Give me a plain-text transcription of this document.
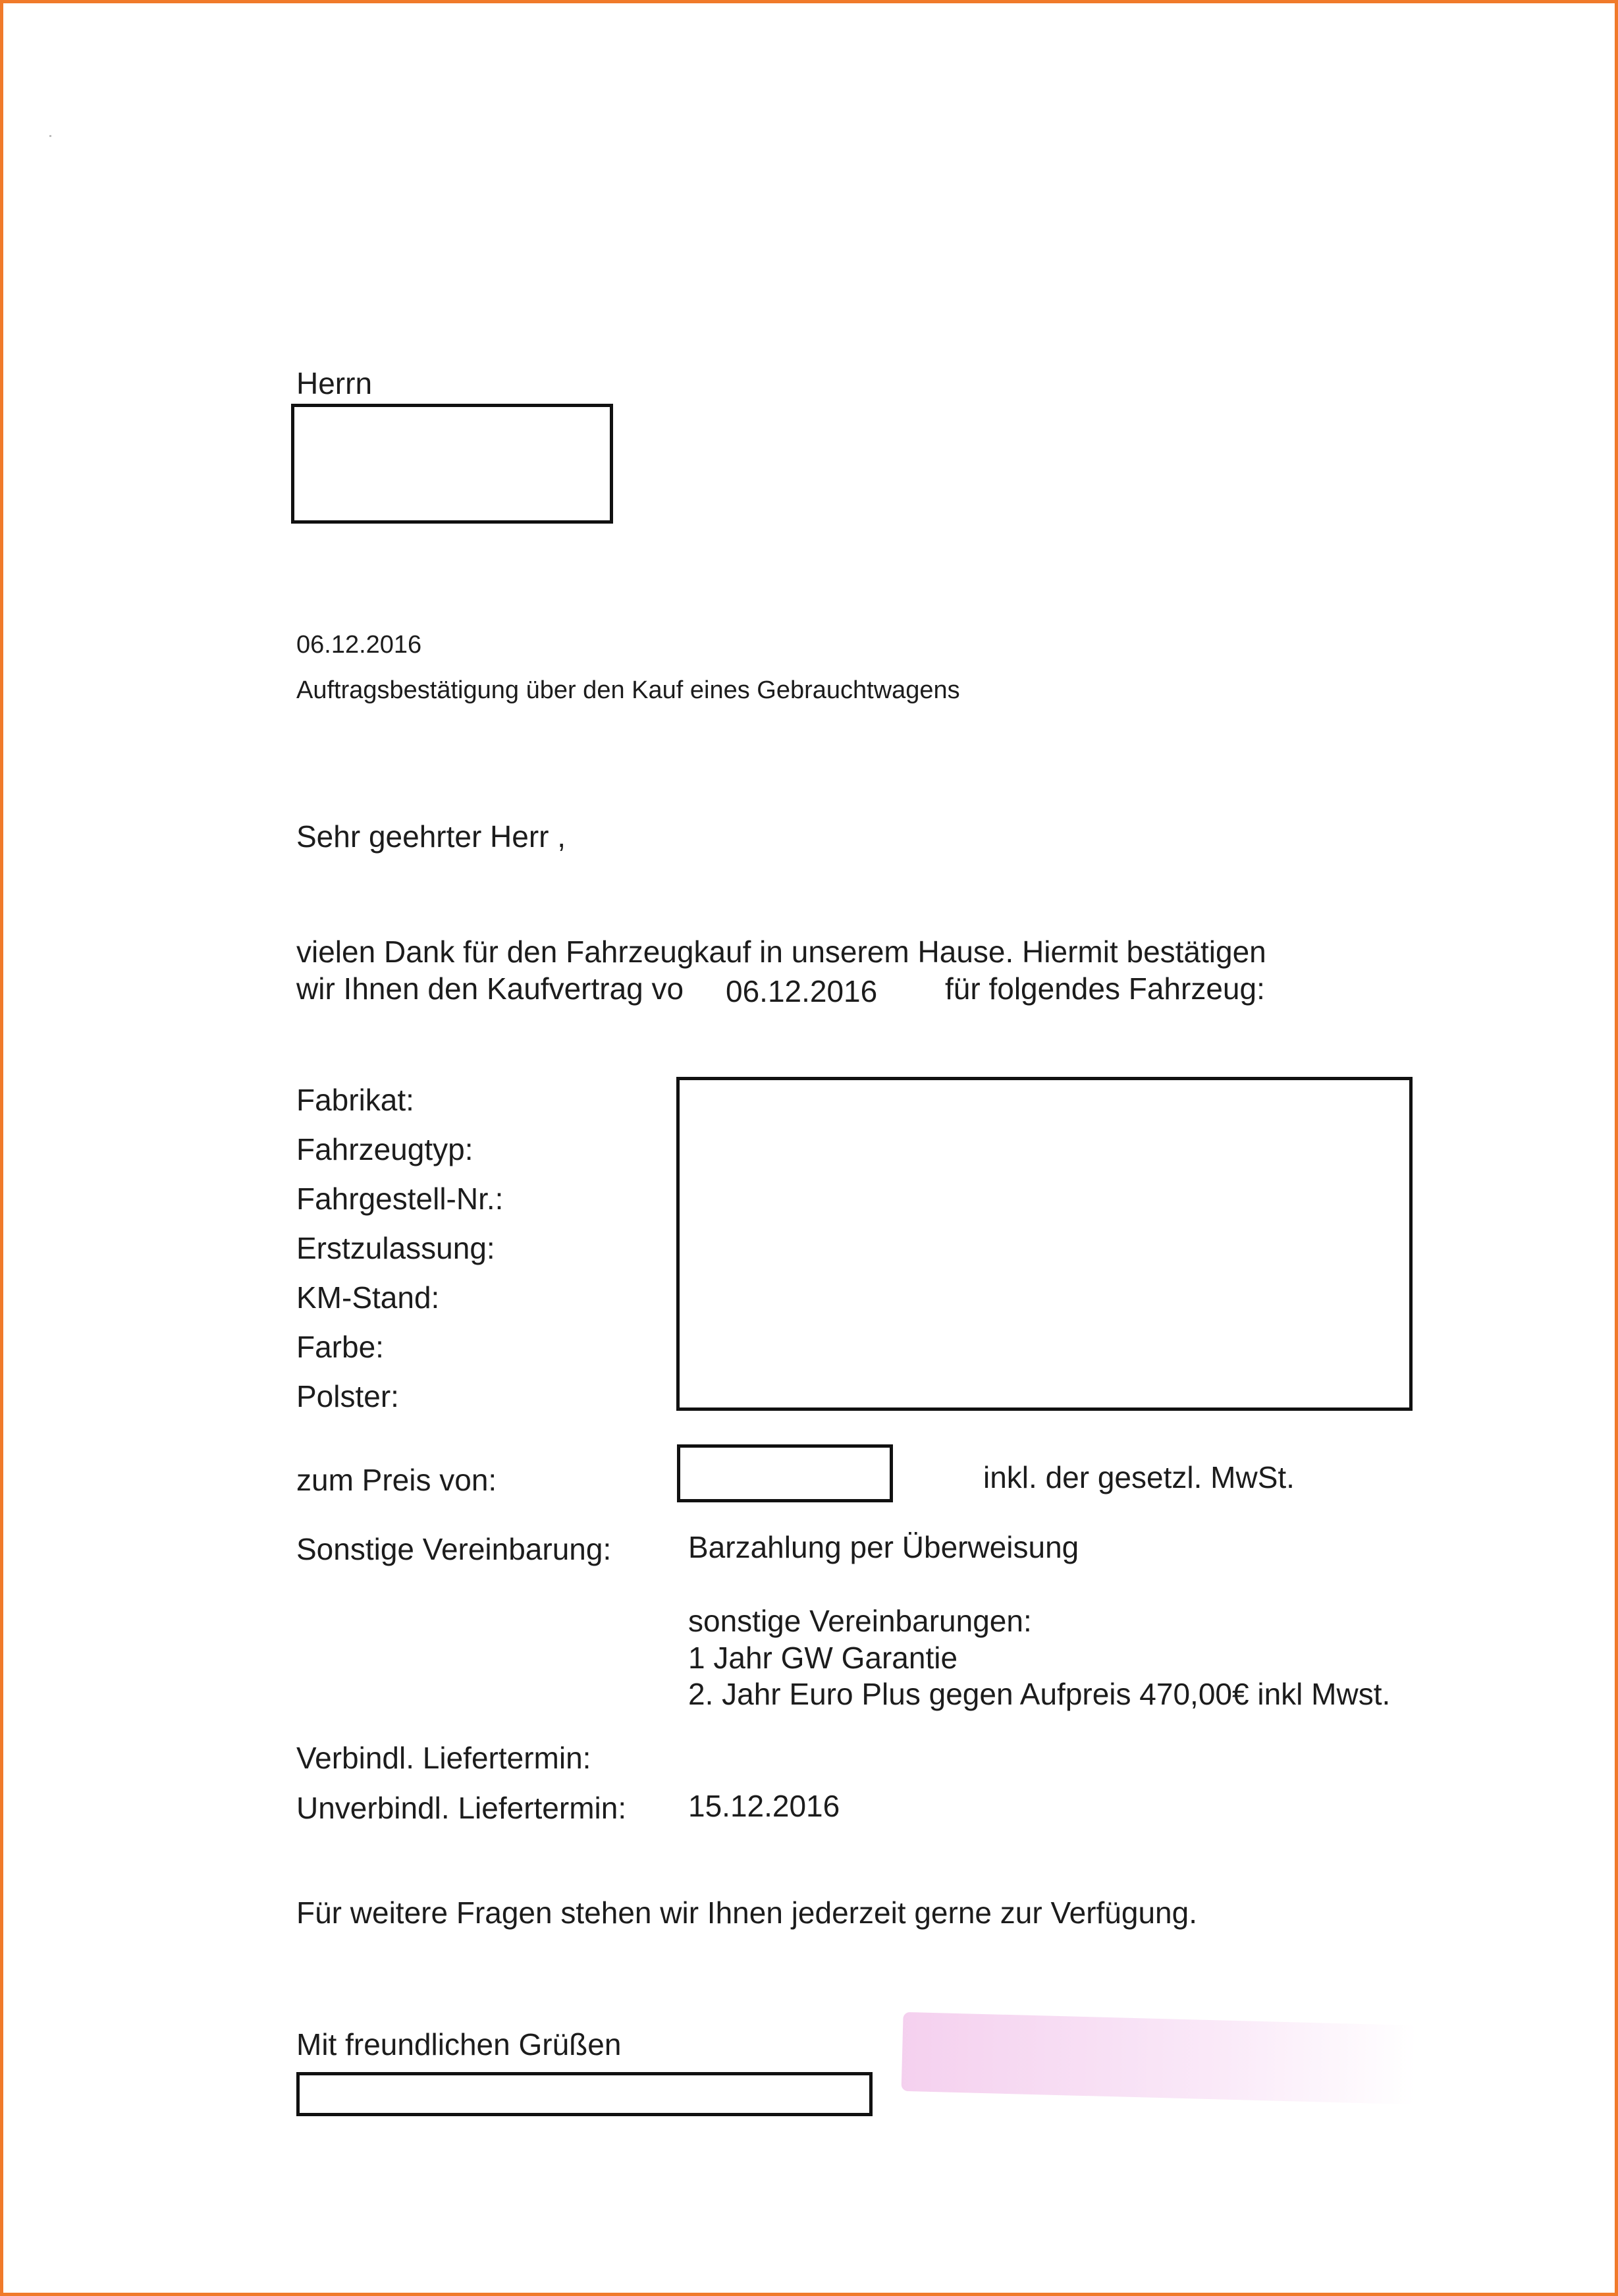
Herrn
06.12.2016
Auftragsbestätigung über den Kauf eines Gebrauchtwagens
Sehr geehrter Herr ,
vielen Dank für den Fahrzeugkauf in unserem Hause. Hiermit bestätigen
wir Ihnen den Kaufvertrag vo 06.12.2016 für folgendes Fahrzeug:
Fabrikat:
Fahrzeugtyp:
Fahrgestell-Nr.:
Erstzulassung:
KM-Stand:
Farbe:
Polster:
zum Preis von:	inkl. der gesetzl. MwSt.
Sonstige Vereinbarung:	Barzahlung per Überweisung
sonstige Vereinbarungen:
1 Jahr GW Garantie
2. Jahr Euro Plus gegen Aufpreis 470,00€ inkl Mwst.
Verbindl. Liefertermin:
Unverbindl. Liefertermin: 15.12.2016
Für weitere Fragen stehen wir Ihnen jederzeit gerne zur Verfügung.
Mit freundlichen Grüßen
